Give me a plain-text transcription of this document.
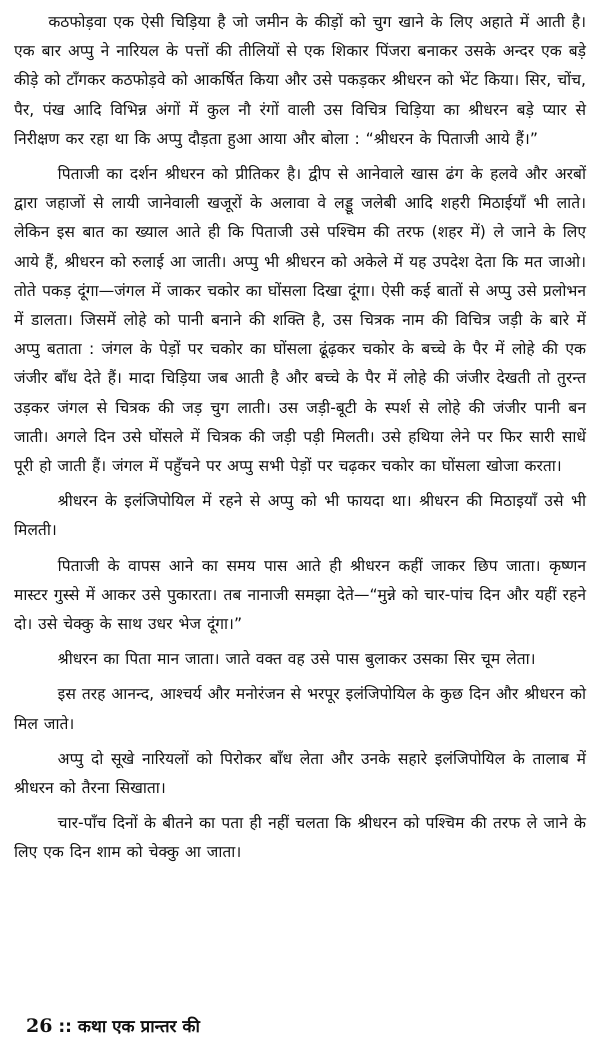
कठफोड़वा एक ऐसी चिड़िया है जो जमीन के कीड़ों को चुग खाने के लिए अहाते में आती है। एक बार अप्पु ने नारियल के पत्तों की तीलियों से एक शिकार पिंजरा बनाकर उसके अन्दर एक बड़े कीड़े को टाँगकर कठफोड़वे को आकर्षित किया और उसे पकड़कर श्रीधरन को भेंट किया। सिर, चोंच, पैर, पंख आदि विभिन्न अंगों में कुल नौ रंगों वाली उस विचित्र चिड़िया का श्रीधरन बड़े प्यार से निरीक्षण कर रहा था कि अप्पु दौड़ता हुआ आया और बोला : “श्रीधरन के पिताजी आये हैं।”

पिताजी का दर्शन श्रीधरन को प्रीतिकर है। द्वीप से आनेवाले खास ढंग के हलवे और अरबों द्वारा जहाजों से लायी जानेवाली खजूरों के अलावा वे लड्डू जलेबी आदि शहरी मिठाईयाँ भी लाते। लेकिन इस बात का ख्याल आते ही कि पिताजी उसे पश्चिम की तरफ (शहर में) ले जाने के लिए आये हैं, श्रीधरन को रुलाई आ जाती। अप्पु भी श्रीधरन को अकेले में यह उपदेश देता कि मत जाओ। तोते पकड़ दूंगा—जंगल में जाकर चकोर का घोंसला दिखा दूंगा। ऐसी कई बातों से अप्पु उसे प्रलोभन में डालता। जिसमें लोहे को पानी बनाने की शक्ति है, उस चित्रक नाम की विचित्र जड़ी के बारे में अप्पु बताता : जंगल के पेड़ों पर चकोर का घोंसला ढूंढ़कर चकोर के बच्चे के पैर में लोहे की एक जंजीर बाँध देते हैं। मादा चिड़िया जब आती है और बच्चे के पैर में लोहे की जंजीर देखती तो तुरन्त उड़कर जंगल से चित्रक की जड़ चुग लाती। उस जड़ी-बूटी के स्पर्श से लोहे की जंजीर पानी बन जाती। अगले दिन उसे घोंसले में चित्रक की जड़ी पड़ी मिलती। उसे हथिया लेने पर फिर सारी साधें पूरी हो जाती हैं। जंगल में पहुँचने पर अप्पु सभी पेड़ों पर चढ़कर चकोर का घोंसला खोजा करता।

श्रीधरन के इलंजिपोयिल में रहने से अप्पु को भी फायदा था। श्रीधरन की मिठाइयाँ उसे भी मिलती।

पिताजी के वापस आने का समय पास आते ही श्रीधरन कहीं जाकर छिप जाता। कृष्णन मास्टर गुस्से में आकर उसे पुकारता। तब नानाजी समझा देते—“मुन्ने को चार-पांच दिन और यहीं रहने दो। उसे चेक्कु के साथ उधर भेज दूंगा।”

श्रीधरन का पिता मान जाता। जाते वक्त वह उसे पास बुलाकर उसका सिर चूम लेता।

इस तरह आनन्द, आश्चर्य और मनोरंजन से भरपूर इलंजिपोयिल के कुछ दिन और श्रीधरन को मिल जाते।

अप्पु दो सूखे नारियलों को पिरोकर बाँध लेता और उनके सहारे इलंजिपोयिल के तालाब में श्रीधरन को तैरना सिखाता।

चार-पाँच दिनों के बीतने का पता ही नहीं चलता कि श्रीधरन को पश्चिम की तरफ ले जाने के लिए एक दिन शाम को चेक्कु आ जाता।

26 :: कथा एक प्रान्तर की
